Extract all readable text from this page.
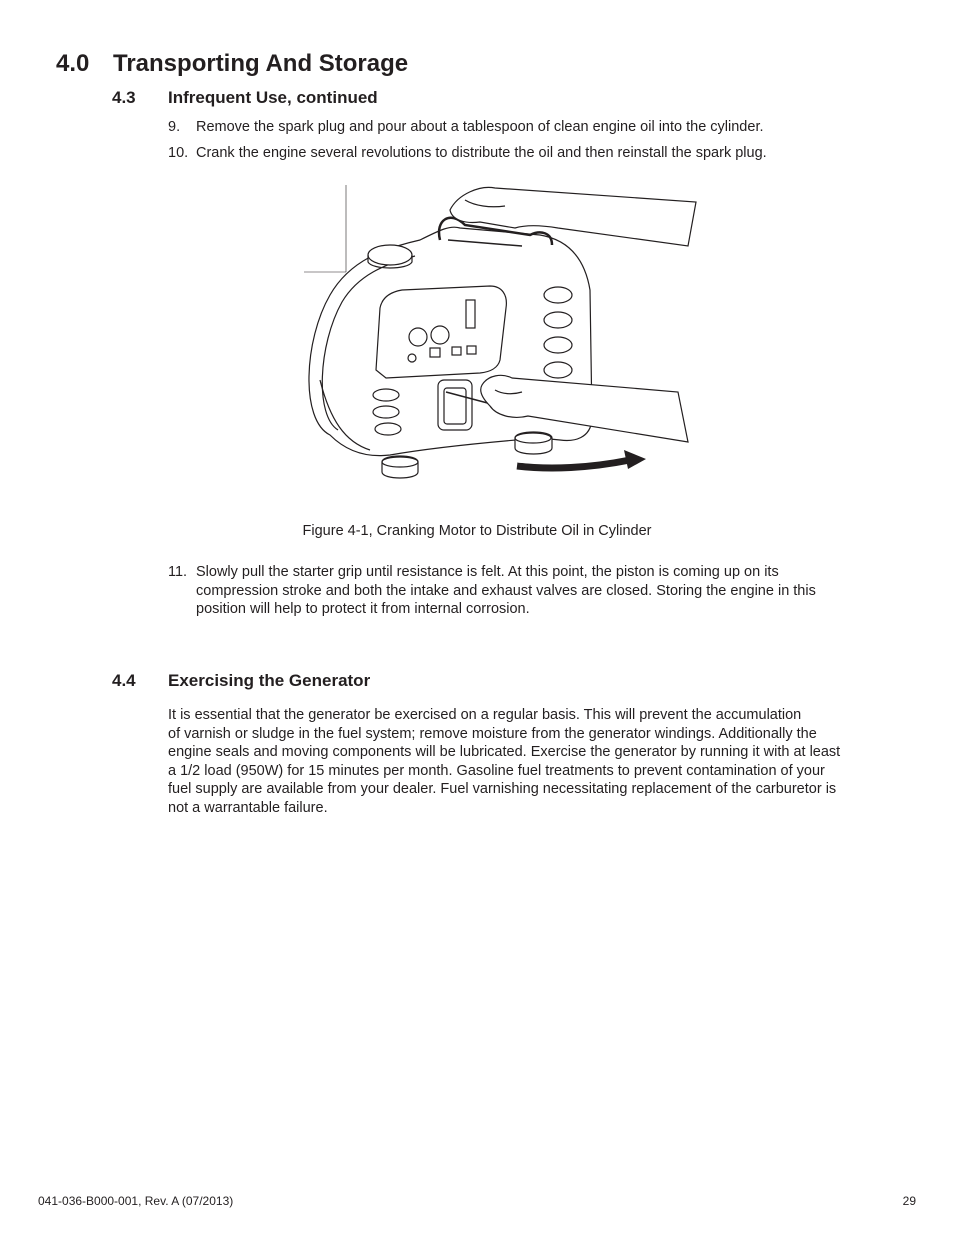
4.0 Transporting And Storage
4.3 Infrequent Use, continued
9. Remove the spark plug and pour about a tablespoon of clean engine oil into the cylinder.
10. Crank the engine several revolutions to distribute the oil and then reinstall the spark plug.
Figure 4-1, Cranking Motor to Distribute Oil in Cylinder
11. Slowly pull the starter grip until resistance is felt. At this point, the piston is coming up on its
compression stroke and both the intake and exhaust valves are closed. Storing the engine in this
position will help to protect it from internal corrosion.
4.4 Exercising the Generator
It is essential that the generator be exercised on a regular basis. This will prevent the accumulation
of varnish or sludge in the fuel system; remove moisture from the generator windings. Additionally the
engine seals and moving components will be lubricated. Exercise the generator by running it with at least
a 1/2 load (950W) for 15 minutes per month. Gasoline fuel treatments to prevent contamination of your
fuel supply are available from your dealer. Fuel varnishing necessitating replacement of the carburetor is
not a warrantable failure.
041-036-B000-001, Rev. A (07/2013)	29
